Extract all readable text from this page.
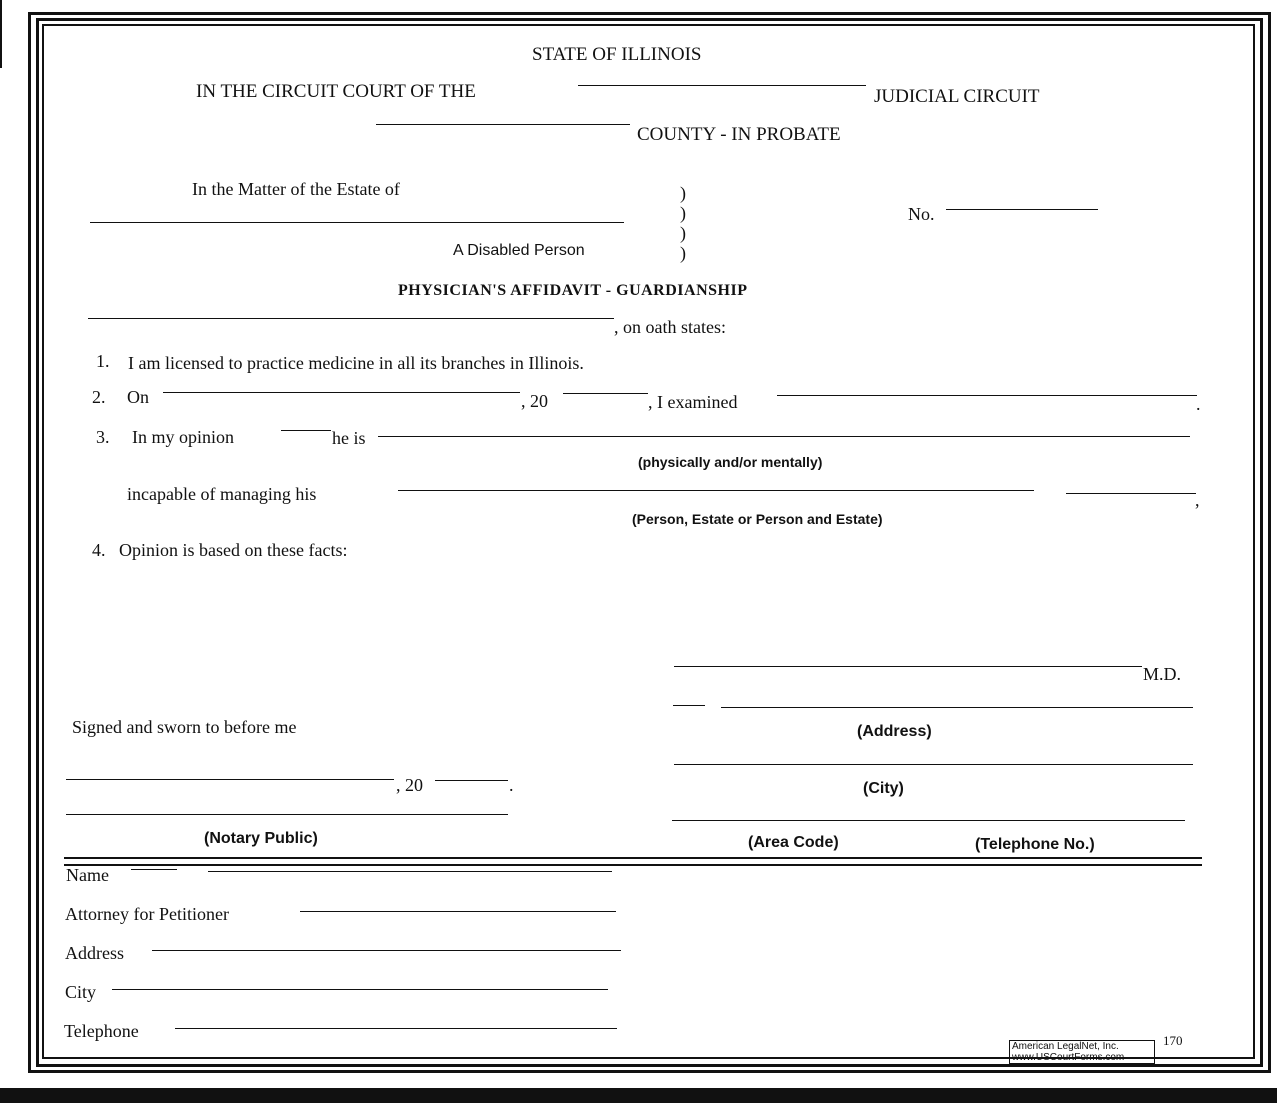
STATE OF ILLINOIS
IN THE CIRCUIT COURT OF THE	JUDICIAL CIRCUIT
COUNTY - IN PROBATE
In the Matter of the Estate of
A Disabled Person
)
)
)
)
No.
PHYSICIAN'S AFFIDAVIT - GUARDIANSHIP
, on oath states:
1. I am licensed to practice medicine in all its branches in Illinois.
2. On	, 20	, I examined	.
3. In my opinion	he is
(physically and/or mentally)
incapable of managing his	,
(Person, Estate or Person and Estate)
4. Opinion is based on these facts:
M.D.
(Address)
(City)
(Area Code)	(Telephone No.)
Signed and sworn to before me
, 20	.
(Notary Public)
Name
Attorney for Petitioner
Address
City
Telephone
American LegalNet, Inc.
www.USCourtForms.com
170
